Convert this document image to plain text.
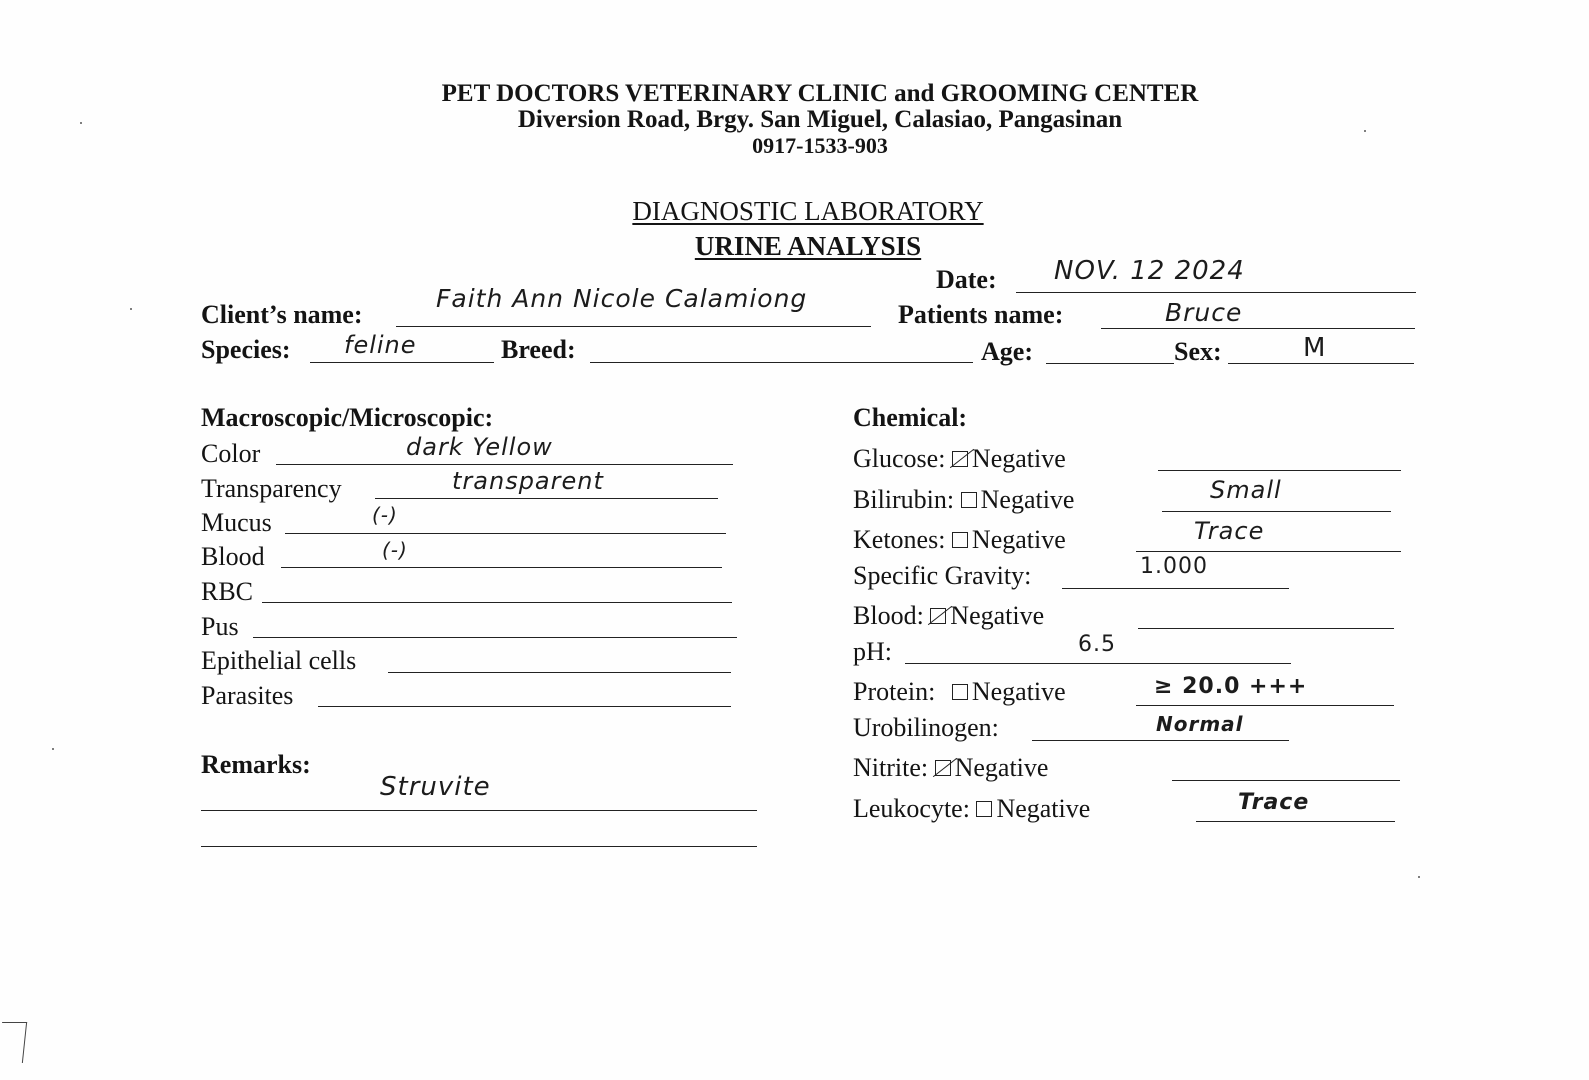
PET DOCTORS VETERINARY CLINIC and GROOMING CENTER
Diversion Road, Brgy. San Miguel, Calasiao, Pangasinan
0917-1533-903
DIAGNOSTIC LABORATORY
URINE ANALYSIS
Date: NOV. 12 2024
Client’s name:
Faith Ann Nicole Calamiong
Patients name:	Bruce
Species: feline	Breed:	Age:	Sex:	M
Macroscopic/Microscopic:
Color	dark Yellow
Transparency	transparent
Mucus	(-)
Blood	(-)
RBC
Pus
Epithelial cells
Parasites
Remarks:
Struvite
Chemical:
Glucose: Negative
Bilirubin: Negative	Small
Ketones: Negative	Trace
Specific Gravity:	1.000
Blood: Negative
pH:	6.5
Protein: Negative	≥ 20.0 +++
Urobilinogen:	Normal
Nitrite: Negative
Leukocyte: Negative	Trace
